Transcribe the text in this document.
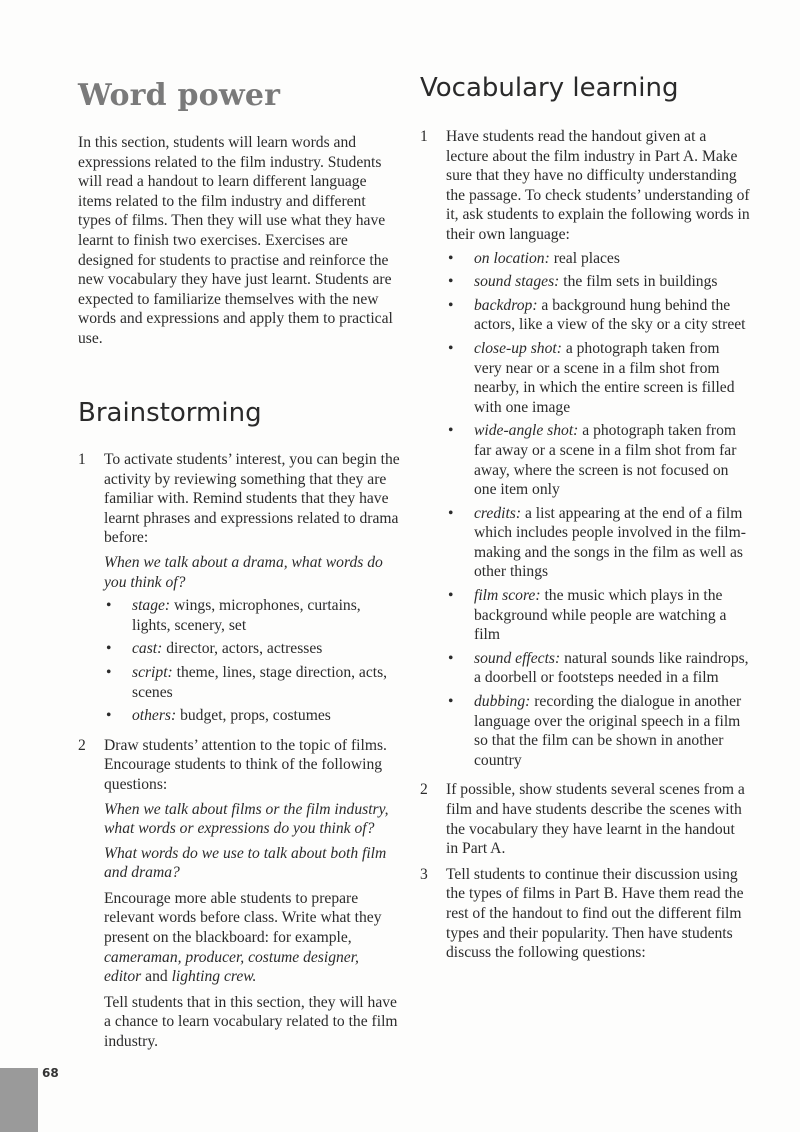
Word power
In this section, students will learn words and expressions related to the film industry. Students will read a handout to learn different language items related to the film industry and different types of films. Then they will use what they have learnt to finish two exercises. Exercises are designed for students to practise and reinforce the new vocabulary they have just learnt. Students are expected to familiarize themselves with the new words and expressions and apply them to practical use.
Brainstorming
1	To activate students’ interest, you can begin the activity by reviewing something that they are familiar with. Remind students that they have learnt phrases and expressions related to drama before:

When we talk about a drama, what words do you think of?

• stage: wings, microphones, curtains, lights, scenery, set
• cast: director, actors, actresses
• script: theme, lines, stage direction, acts, scenes
• others: budget, props, costumes
2	Draw students’ attention to the topic of films. Encourage students to think of the following questions:

When we talk about films or the film industry, what words or expressions do you think of?

What words do we use to talk about both film and drama?

Encourage more able students to prepare relevant words before class. Write what they present on the blackboard: for example, cameraman, producer, costume designer, editor and lighting crew.

Tell students that in this section, they will have a chance to learn vocabulary related to the film industry.

Vocabulary learning
1	Have students read the handout given at a lecture about the film industry in Part A. Make sure that they have no difficulty understanding the passage. To check students’ understanding of it, ask students to explain the following words in their own language:

• on location: real places
• sound stages: the film sets in buildings
• backdrop: a background hung behind the actors, like a view of the sky or a city street
• close-up shot: a photograph taken from very near or a scene in a film shot from nearby, in which the entire screen is filled with one image
• wide-angle shot: a photograph taken from far away or a scene in a film shot from far away, where the screen is not focused on one item only
• credits: a list appearing at the end of a film which includes people involved in the film-making and the songs in the film as well as other things
• film score: the music which plays in the background while people are watching a film
• sound effects: natural sounds like raindrops, a doorbell or footsteps needed in a film
• dubbing: recording the dialogue in another language over the original speech in a film so that the film can be shown in another country
2	If possible, show students several scenes from a film and have students describe the scenes with the vocabulary they have learnt in the handout in Part A.

3	Tell students to continue their discussion using the types of films in Part B. Have them read the rest of the handout to find out the different film types and their popularity. Then have students discuss the following questions:

68
